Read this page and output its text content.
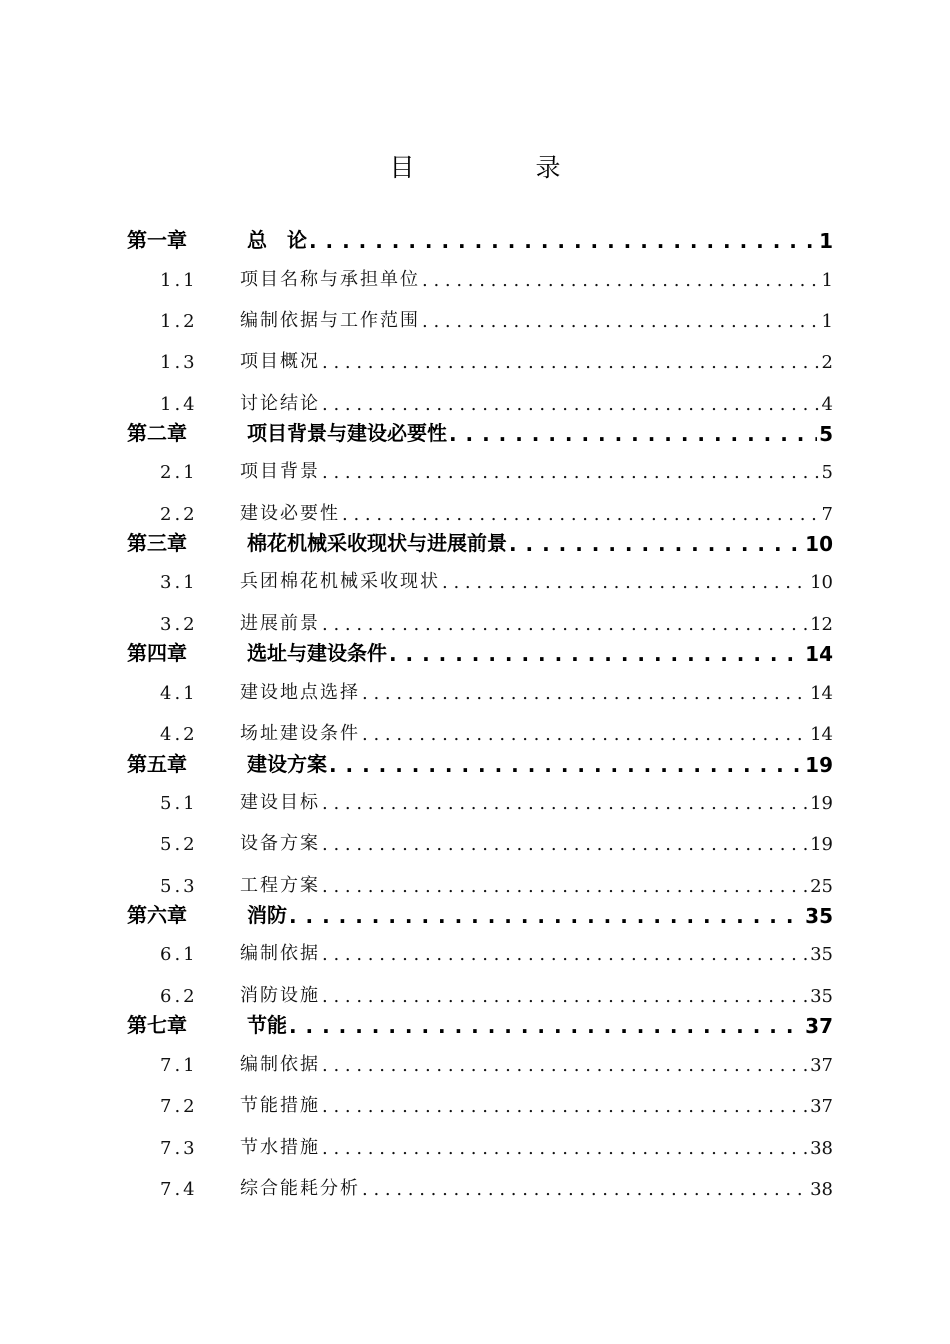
目　录
第一章	总　论 . . .	1
1.1	项目名称与承担单位 . . .	1
1.2	编制依据与工作范围 . . .	1
1.3	项目概况 . . .	2
1.4	讨论结论 . . .	4
第二章	项目背景与建设必要性 . . .	5
2.1	项目背景 . . .	5
2.2	建设必要性 . . .	7
第三章	棉花机械采收现状与进展前景 . . .	10
3.1	兵团棉花机械采收现状 . . .	10
3.2	进展前景 . . .	12
第四章	选址与建设条件 . . .	14
4.1	建设地点选择 . . .	14
4.2	场址建设条件 . . .	14
第五章	建设方案 . . .	19
5.1	建设目标 . . .	19
5.2	设备方案 . . .	19
5.3	工程方案 . . .	25
第六章	消防 . . .	35
6.1	编制依据 . . .	35
6.2	消防设施 . . .	35
第七章	节能 . . .	37
7.1	编制依据 . . .	37
7.2	节能措施 . . .	37
7.3	节水措施 . . .	38
7.4	综合能耗分析 . . .	38
